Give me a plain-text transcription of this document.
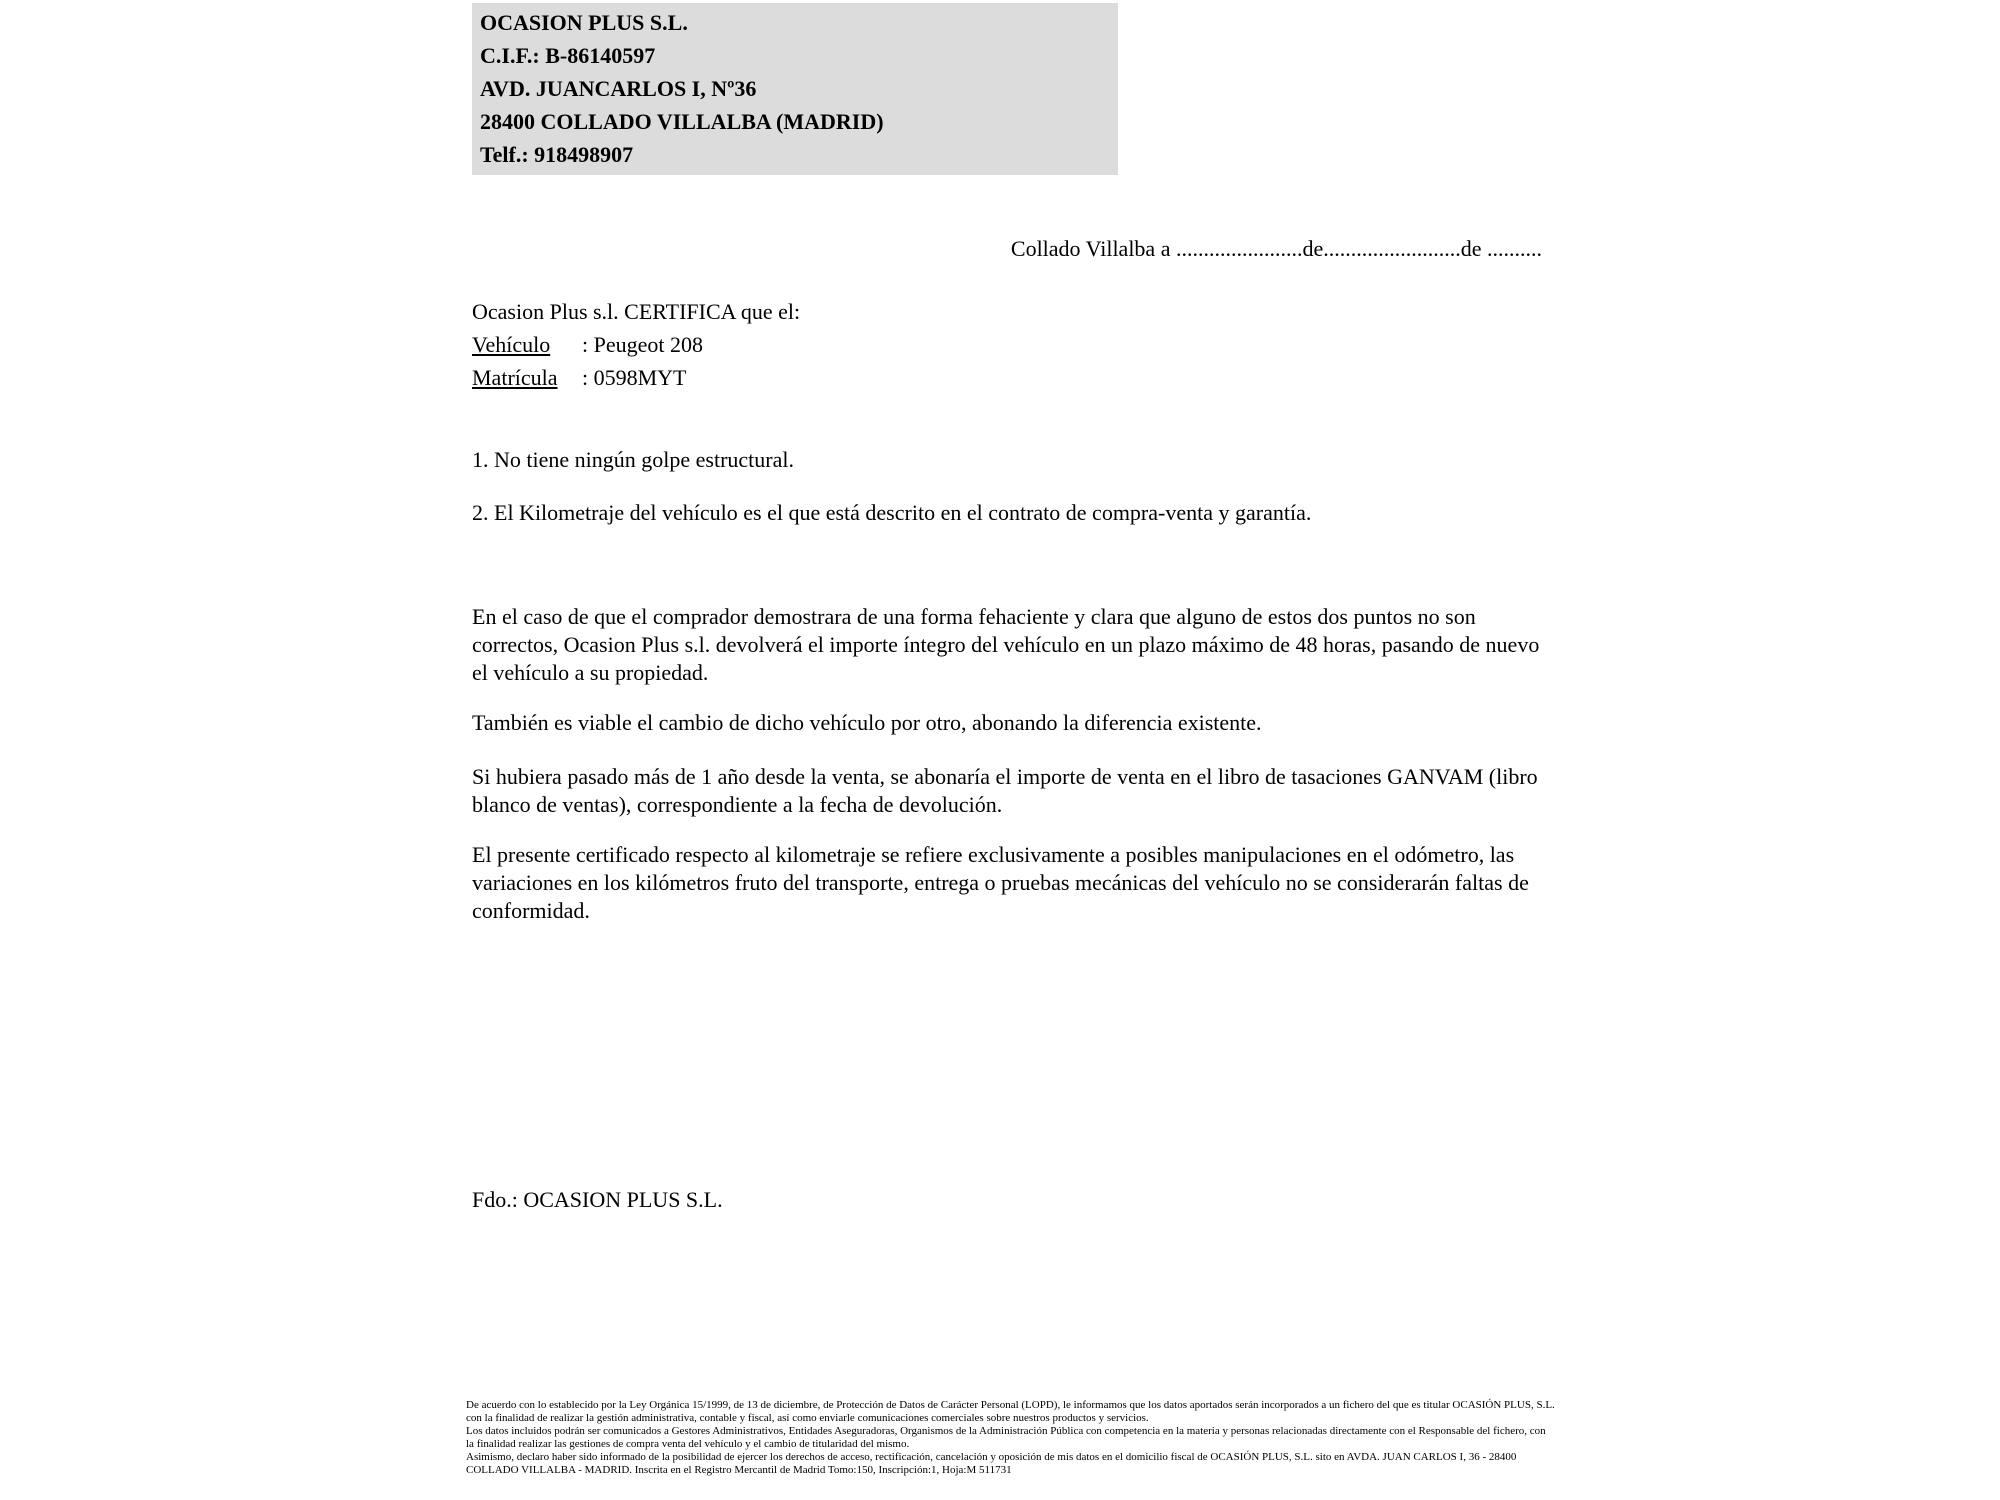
OCASION PLUS S.L.
C.I.F.: B-86140597
AVD. JUANCARLOS I, Nº36
28400 COLLADO VILLALBA (MADRID)
Telf.: 918498907
Collado Villalba a .......................de.........................de ..........
Ocasion Plus s.l. CERTIFICA que el:
Vehículo : Peugeot 208
Matrícula : 0598MYT
1. No tiene ningún golpe estructural.
2. El Kilometraje del vehículo es el que está descrito en el contrato de compra-venta y garantía.
En el caso de que el comprador demostrara de una forma fehaciente y clara que alguno de estos dos puntos no son correctos, Ocasion Plus s.l. devolverá el importe íntegro del vehículo en un plazo máximo de 48 horas, pasando de nuevo el vehículo a su propiedad.
También es viable el cambio de dicho vehículo por otro, abonando la diferencia existente.
Si hubiera pasado más de 1 año desde la venta, se abonaría el importe de venta en el libro de tasaciones GANVAM (libro blanco de ventas), correspondiente a la fecha de devolución.
El presente certificado respecto al kilometraje se refiere exclusivamente a posibles manipulaciones en el odómetro, las variaciones en los kilómetros fruto del transporte, entrega o pruebas mecánicas del vehículo no se considerarán faltas de conformidad.
Fdo.: OCASION PLUS S.L.
De acuerdo con lo establecido por la Ley Orgánica 15/1999, de 13 de diciembre, de Protección de Datos de Carácter Personal (LOPD), le informamos que los datos aportados serán incorporados a un fichero del que es titular OCASIÓN PLUS, S.L. con la finalidad de realizar la gestión administrativa, contable y fiscal, así como enviarle comunicaciones comerciales sobre nuestros productos y servicios.
Los datos incluidos podrán ser comunicados a Gestores Administrativos, Entidades Aseguradoras, Organismos de la Administración Pública con competencia en la materia y personas relacionadas directamente con el Responsable del fichero, con la finalidad realizar las gestiones de compra venta del vehículo y el cambio de titularidad del mismo.
Asimismo, declaro haber sido informado de la posibilidad de ejercer los derechos de acceso, rectificación, cancelación y oposición de mis datos en el domicilio fiscal de OCASIÓN PLUS, S.L. sito en AVDA. JUAN CARLOS I, 36 - 28400 COLLADO VILLALBA - MADRID. Inscrita en el Registro Mercantil de Madrid Tomo:150, Inscripción:1, Hoja:M 511731
